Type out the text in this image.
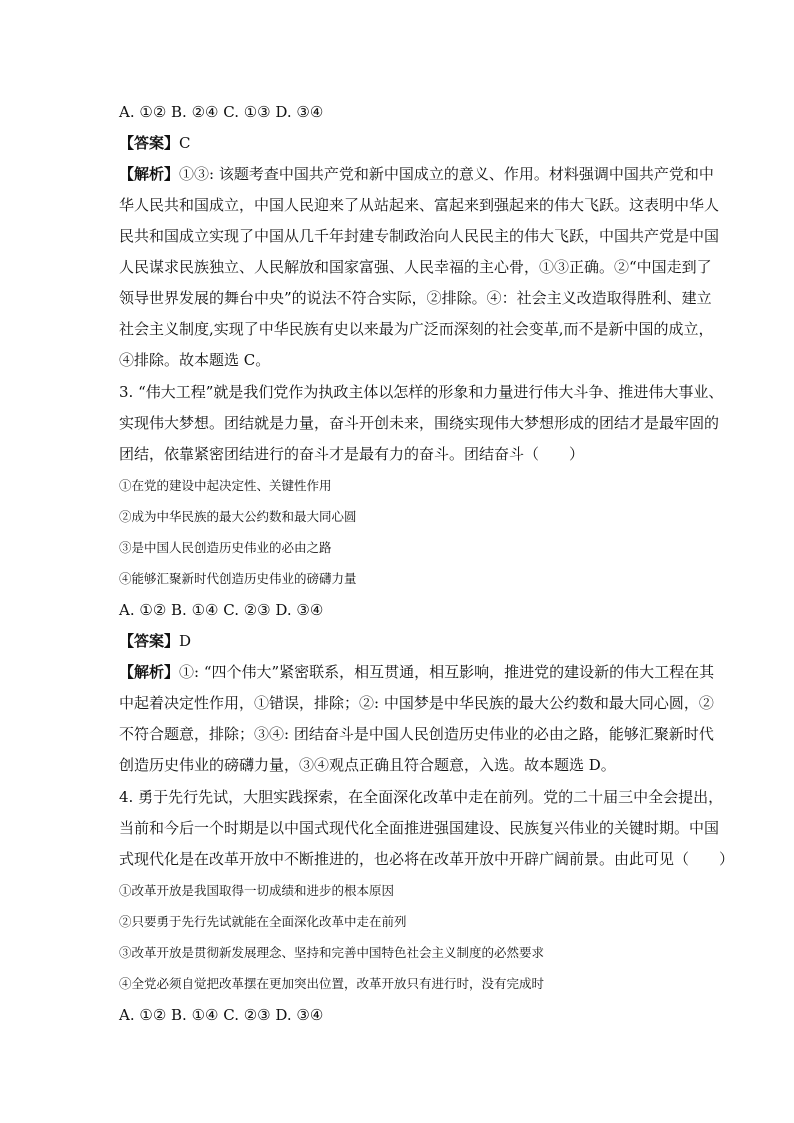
A. ①② B. ②④ C. ①③ D. ③④
【答案】C
【解析】①③: 该题考查中国共产党和新中国成立的意义、作用。材料强调中国共产党和中
华人民共和国成立，中国人民迎来了从站起来、富起来到强起来的伟大飞跃。这表明中华人
民共和国成立实现了中国从几千年封建专制政治向人民民主的伟大飞跃，中国共产党是中国
人民谋求民族独立、人民解放和国家富强、人民幸福的主心骨，①③正确。②“中国走到了
领导世界发展的舞台中央”的说法不符合实际，②排除。④：社会主义改造取得胜利、建立
社会主义制度,实现了中华民族有史以来最为广泛而深刻的社会变革,而不是新中国的成立，
④排除。故本题选 C。
3. “伟大工程”就是我们党作为执政主体以怎样的形象和力量进行伟大斗争、推进伟大事业、
实现伟大梦想。团结就是力量，奋斗开创未来，围绕实现伟大梦想形成的团结才是最牢固的
团结，依靠紧密团结进行的奋斗才是最有力的奋斗。团结奋斗（　　）
①在党的建设中起决定性、关键性作用
②成为中华民族的最大公约数和最大同心圆
③是中国人民创造历史伟业的必由之路
④能够汇聚新时代创造历史伟业的磅礴力量
A. ①② B. ①④ C. ②③ D. ③④
【答案】D
【解析】①: “四个伟大”紧密联系，相互贯通，相互影响，推进党的建设新的伟大工程在其
中起着决定性作用，①错误，排除；②: 中国梦是中华民族的最大公约数和最大同心圆，②
不符合题意，排除；③④: 团结奋斗是中国人民创造历史伟业的必由之路，能够汇聚新时代
创造历史伟业的磅礴力量，③④观点正确且符合题意，入选。故本题选 D。
4. 勇于先行先试，大胆实践探索，在全面深化改革中走在前列。党的二十届三中全会提出，
当前和今后一个时期是以中国式现代化全面推进强国建设、民族复兴伟业的关键时期。中国
式现代化是在改革开放中不断推进的，也必将在改革开放中开辟广阔前景。由此可见（　　）
①改革开放是我国取得一切成绩和进步的根本原因
②只要勇于先行先试就能在全面深化改革中走在前列
③改革开放是贯彻新发展理念、坚持和完善中国特色社会主义制度的必然要求
④全党必须自觉把改革摆在更加突出位置，改革开放只有进行时，没有完成时
A. ①② B. ①④ C. ②③ D. ③④
